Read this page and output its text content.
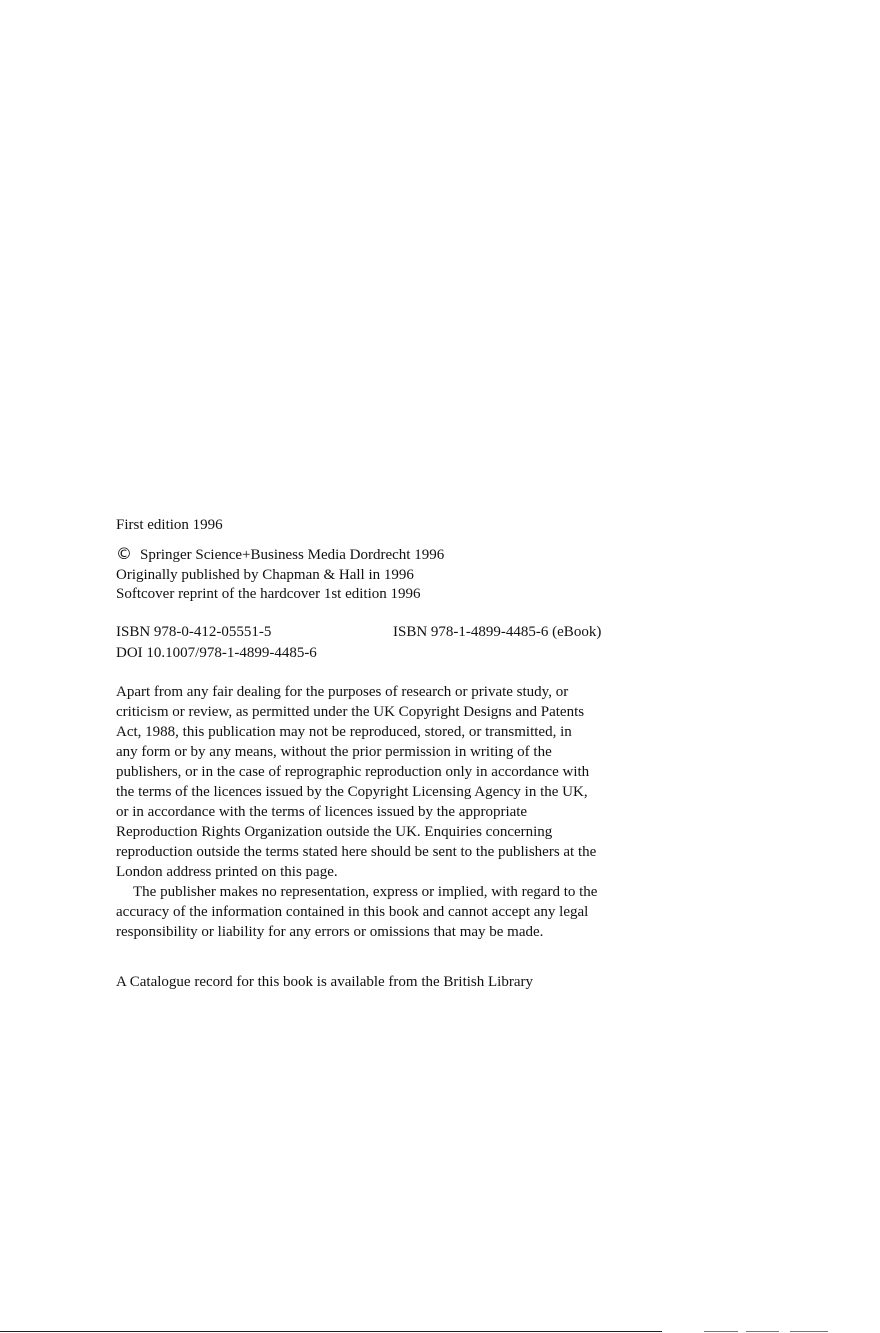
First edition 1996
© Springer Science+Business Media Dordrecht 1996
Originally published by Chapman & Hall in 1996
Softcover reprint of the hardcover 1st edition 1996
ISBN 978-0-412-05551-5	ISBN 978-1-4899-4485-6 (eBook)
DOI 10.1007/978-1-4899-4485-6
Apart from any fair dealing for the purposes of research or private study, or
criticism or review, as permitted under the UK Copyright Designs and Patents
Act, 1988, this publication may not be reproduced, stored, or transmitted, in
any form or by any means, without the prior permission in writing of the
publishers, or in the case of reprographic reproduction only in accordance with
the terms of the licences issued by the Copyright Licensing Agency in the UK,
or in accordance with the terms of licences issued by the appropriate
Reproduction Rights Organization outside the UK. Enquiries concerning
reproduction outside the terms stated here should be sent to the publishers at the
London address printed on this page.
The publisher makes no representation, express or implied, with regard to the
accuracy of the information contained in this book and cannot accept any legal
responsibility or liability for any errors or omissions that may be made.
A Catalogue record for this book is available from the British Library
